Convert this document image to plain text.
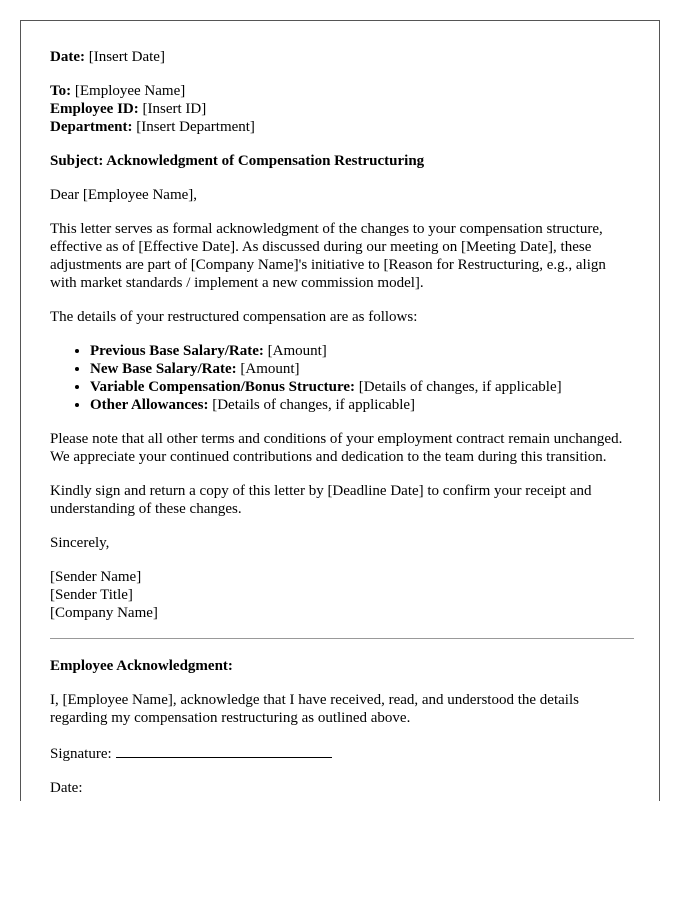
Date: [Insert Date]

To: [Employee Name]

Employee ID: [Insert ID]

Department: [Insert Department]

Subject: Acknowledgment of Compensation Restructuring

Dear [Employee Name],

This letter serves as formal acknowledgment of the changes to your compensation structure, effective as of [Effective Date]. As discussed during our meeting on [Meeting Date], these adjustments are part of [Company Name]'s initiative to [Reason for Restructuring, e.g., align with market standards / implement a new commission model].

The details of your restructured compensation are as follows:

• Previous Base Salary/Rate: [Amount]
• New Base Salary/Rate: [Amount]
• Variable Compensation/Bonus Structure: [Details of changes, if applicable]
• Other Allowances: [Details of changes, if applicable]

Please note that all other terms and conditions of your employment contract remain unchanged. We appreciate your continued contributions and dedication to the team during this transition.

Kindly sign and return a copy of this letter by [Deadline Date] to confirm your receipt and understanding of these changes.

Sincerely,

[Sender Name]

[Sender Title]

[Company Name]

Employee Acknowledgment:

I, [Employee Name], acknowledge that I have received, read, and understood the details regarding my compensation restructuring as outlined above.

Signature:

Date:
